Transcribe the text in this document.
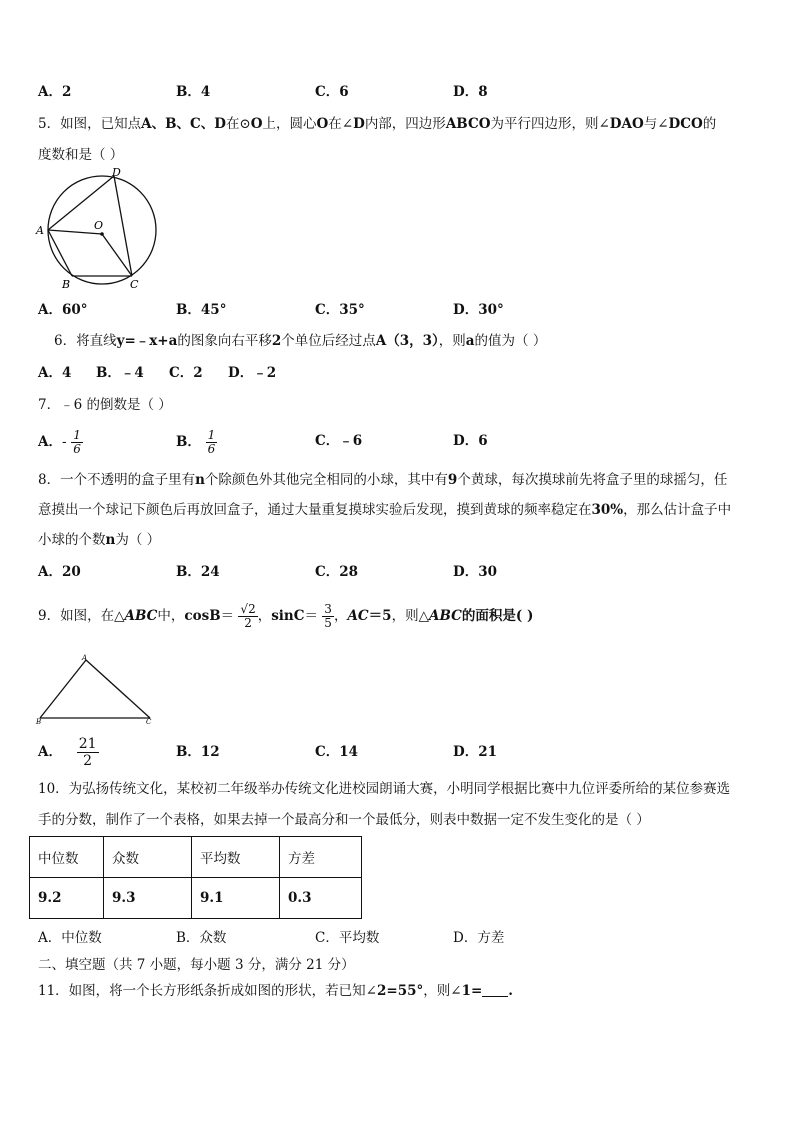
A．2	B．4	C．6	D．8
5．如图，已知点A、B、C、D在⊙O上，圆心O在∠D内部，四边形ABCO为平行四边形，则∠DAO与∠DCO的
度数和是（ ）
A
D
O
B	C
A．60°	B．45°	C．35°	D．30°
6．将直线y=﹣x+a的图象向右平移2个单位后经过点A（3，3），则a的值为（ ）
A．4 B．﹣4 C．2 D．﹣2
7．﹣6 的倒数是（ ）
A．- $\frac{1}{6}$	B． $\frac{1}{6}$	C．﹣6	D．6
8．一个不透明的盒子里有n个除颜色外其他完全相同的小球，其中有9个黄球，每次摸球前先将盒子里的球摇匀，任
意摸出一个球记下颜色后再放回盒子，通过大量重复摸球实验后发现，摸到黄球的频率稳定在30%，那么估计盒子中
小球的个数n为（ ）
A．20	B．24	C．28	D．30
9．如图，在△ABC中，$\cos B= \frac{√2}{2}$ ，$\sin C= \frac{3}{5}$ ，AC＝5，则△ABC的面积是( )
A
B	C
A． $\frac{21}{2}$	B．12	C．14	D．21
10．为弘扬传统文化，某校初二年级举办传统文化进校园朗诵大赛，小明同学根据比赛中九位评委所给的某位参赛选
手的分数，制作了一个表格，如果去掉一个最高分和一个最低分，则表中数据一定不发生变化的是（ ）
中位数	众数	平均数	方差
9.2	9.3	9.1	0.3
A．中位数	B．众数	C．平均数	D．方差
二、填空题（共 7 小题，每小题 3 分，满分 21 分）
11．如图，将一个长方形纸条折成如图的形状，若已知∠2=55°，则∠1= .
